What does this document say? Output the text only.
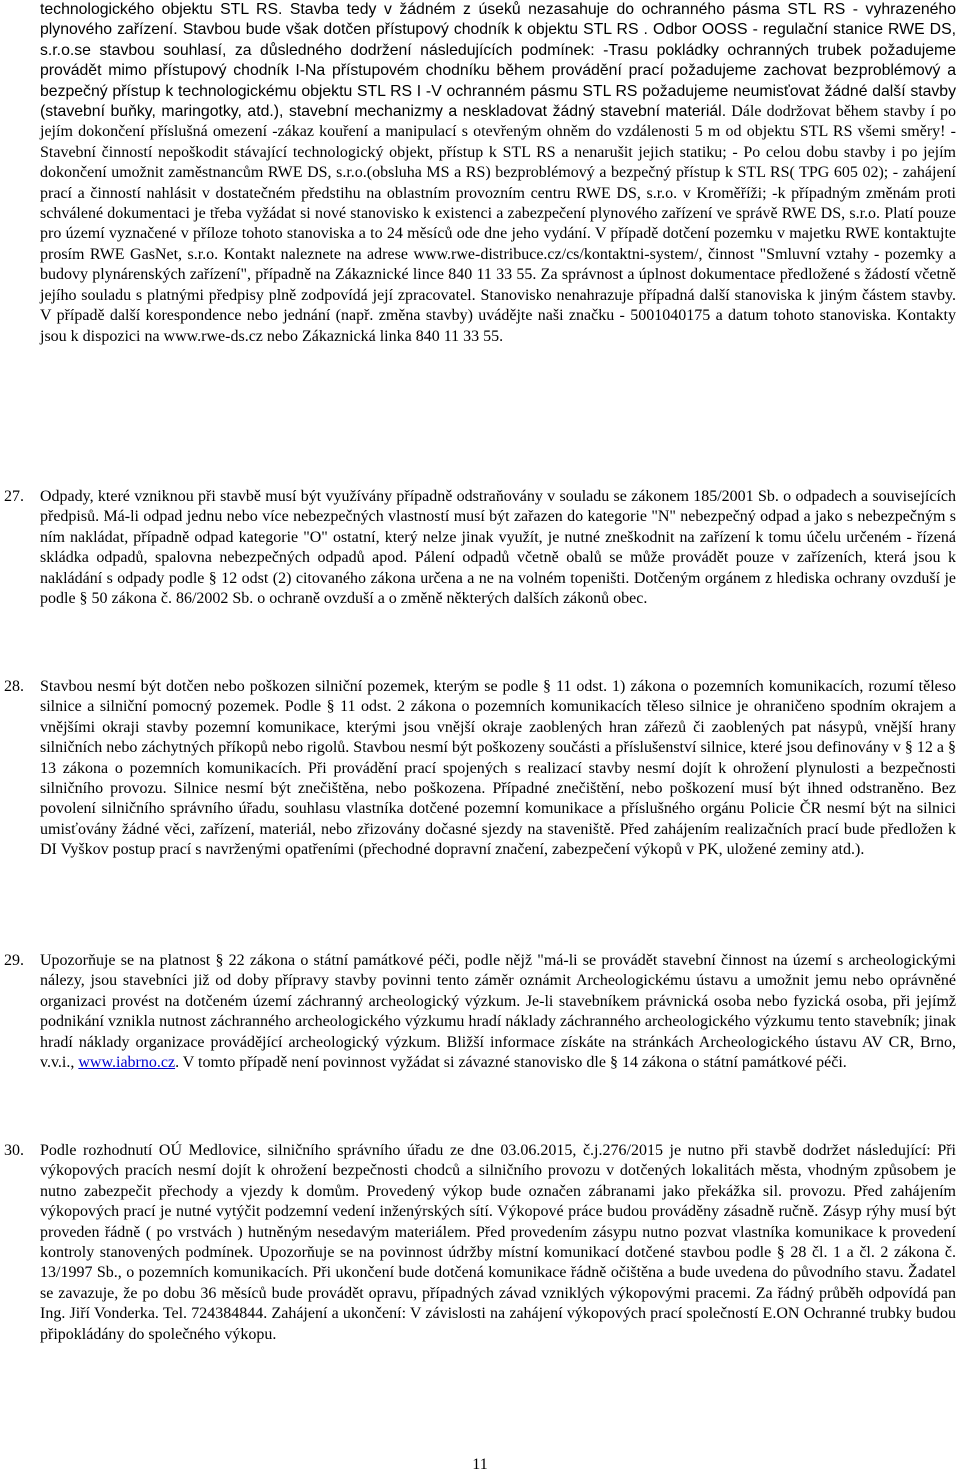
technologického objektu STL RS. Stavba tedy v žádném z úseků nezasahuje do ochranného pásma STL RS - vyhrazeného plynového zařízení. Stavbou bude však dotčen přístupový chodník k objektu STL RS . Odbor OOSS - regulační stanice RWE DS, s.r.o.se stavbou souhlasí, za důsledného dodržení následujících podmínek: -Trasu pokládky ochranných trubek požadujeme provádět mimo přístupový chodník I-Na přístupovém chodníku během provádění prací požadujeme zachovat bezproblémový a bezpečný přístup k technologickému objektu STL RS I -V ochranném pásmu STL RS požadujeme neumisťovat žádné další stavby (stavební buňky, maringotky, atd.), stavební mechanizmy a neskladovat žádný stavební materiál. Dále dodržovat během stavby í po jejím dokončení příslušná omezení -zákaz kouření a manipulací s otevřeným ohněm do vzdálenosti 5 m od objektu STL RS všemi směry! -Stavební činností nepoškodit stávající technologický objekt, přístup k STL RS a nenarušit jejich statiku; - Po celou dobu stavby i po jejím dokončení umožnit zaměstnancům RWE DS, s.r.o.(obsluha MS a RS) bezproblémový a bezpečný přístup k STL RS( TPG 605 02); - zahájení prací a činností nahlásit v dostatečném předstihu na oblastním provozním centru RWE DS, s.r.o. v Kroměříži; -k případným změnám proti schválené dokumentaci je třeba vyžádat si nové stanovisko k existenci a zabezpečení plynového zařízení ve správě RWE DS, s.r.o. Platí pouze pro území vyznačené v příloze tohoto stanoviska a to 24 měsíců ode dne jeho vydání. V případě dotčení pozemku v majetku RWE kontaktujte prosím RWE GasNet, s.r.o. Kontakt naleznete na adrese www.rwe-distribuce.cz/cs/kontaktni-system/, činnost "Smluvní vztahy - pozemky a budovy plynárenských zařízení", případně na Zákaznické lince 840 11 33 55. Za správnost a úplnost dokumentace předložené s žádostí včetně jejího souladu s platnými předpisy plně zodpovídá její zpracovatel. Stanovisko nenahrazuje případná další stanoviska k jiným částem stavby. V případě další korespondence nebo jednání (např. změna stavby) uvádějte naši značku - 5001040175 a datum tohoto stanoviska. Kontakty jsou k dispozici na www.rwe-ds.cz nebo Zákaznická linka 840 11 33 55.
27. Odpady, které vzniknou při stavbě musí být využívány případně odstraňovány v souladu se zákonem 185/2001 Sb. o odpadech a souvisejících předpisů. Má-li odpad jednu nebo více nebezpečných vlastností musí být zařazen do kategorie "N" nebezpečný odpad a jako s nebezpečným s ním nakládat, případně odpad kategorie "O" ostatní, který nelze jinak využít, je nutné zneškodnit na zařízení k tomu účelu určeném - řízená skládka odpadů, spalovna nebezpečných odpadů apod. Pálení odpadů včetně obalů se může provádět pouze v zařízeních, která jsou k nakládání s odpady podle § 12 odst (2) citovaného zákona určena a ne na volném topeništi. Dotčeným orgánem z hlediska ochrany ovzduší je podle § 50 zákona č. 86/2002 Sb. o ochraně ovzduší a o změně některých dalších zákonů obec.
28. Stavbou nesmí být dotčen nebo poškozen silniční pozemek, kterým se podle § 11 odst. 1) zákona o pozemních komunikacích, rozumí těleso silnice a silniční pomocný pozemek. Podle § 11 odst. 2 zákona o pozemních komunikacích těleso silnice je ohraničeno spodním okrajem a vnějšími okraji stavby pozemní komunikace, kterými jsou vnější okraje zaoblených hran zářezů či zaoblených pat násypů, vnější hrany silničních nebo záchytných příkopů nebo rigolů. Stavbou nesmí být poškozeny součásti a příslušenství silnice, které jsou definovány v § 12 a § 13 zákona o pozemních komunikacích. Při provádění prací spojených s realizací stavby nesmí dojít k ohrožení plynulosti a bezpečnosti silničního provozu. Silnice nesmí být znečištěna, nebo poškozena. Případné znečištění, nebo poškození musí být ihned odstraněno. Bez povolení silničního správního úřadu, souhlasu vlastníka dotčené pozemní komunikace a příslušného orgánu Policie ČR nesmí být na silnici umisťovány žádné věci, zařízení, materiál, nebo zřizovány dočasné sjezdy na staveniště. Před zahájením realizačních prací bude předložen k DI Vyškov postup prací s navrženými opatřeními (přechodné dopravní značení, zabezpečení výkopů v PK, uložené zeminy atd.).
29. Upozorňuje se na platnost § 22 zákona o státní památkové péči, podle nějž "má-li se provádět stavební činnost na území s archeologickými nálezy, jsou stavebníci již od doby přípravy stavby povinni tento záměr oznámit Archeologickému ústavu a umožnit jemu nebo oprávněné organizaci provést na dotčeném území záchranný archeologický výzkum. Je-li stavebníkem právnická osoba nebo fyzická osoba, při jejímž podnikání vznikla nutnost záchranného archeologického výzkumu hradí náklady záchranného archeologického výzkumu tento stavebník; jinak hradí náklady organizace provádějící archeologický výzkum. Bližší informace získáte na stránkách Archeologického ústavu AV CR, Brno, v.v.i., www.iabrno.cz. V tomto případě není povinnost vyžádat si závazné stanovisko dle § 14 zákona o státní památkové péči.
30. Podle rozhodnutí OÚ Medlovice, silničního správního úřadu ze dne 03.06.2015, č.j.276/2015 je nutno při stavbě dodržet následující: Při výkopových pracích nesmí dojít k ohrožení bezpečnosti chodců a silničního provozu v dotčených lokalitách města, vhodným způsobem je nutno zabezpečit přechody a vjezdy k domům. Provedený výkop bude označen zábranami jako překážka sil. provozu. Před zahájením výkopových prací je nutné vytýčit podzemní vedení inženýrských sítí. Výkopové práce budou prováděny zásadně ručně. Zásyp rýhy musí být proveden řádně ( po vrstvách ) hutněným nesedavým materiálem. Před provedením zásypu nutno pozvat vlastníka komunikace k provedení kontroly stanovených podmínek. Upozorňuje se na povinnost údržby místní komunikací dotčené stavbou podle § 28 čl. 1 a čl. 2 zákona č. 13/1997 Sb., o pozemních komunikacích. Při ukončení bude dotčená komunikace řádně očištěna a bude uvedena do původního stavu. Žadatel se zavazuje, že po dobu 36 měsíců bude provádět opravu, případných závad vzniklých výkopovými pracemi. Za řádný průběh odpovídá pan Ing. Jiří Vonderka. Tel. 724384844. Zahájení a ukončení: V závislosti na zahájení výkopových prací společností E.ON Ochranné trubky budou připokládány do společného výkopu.
11
